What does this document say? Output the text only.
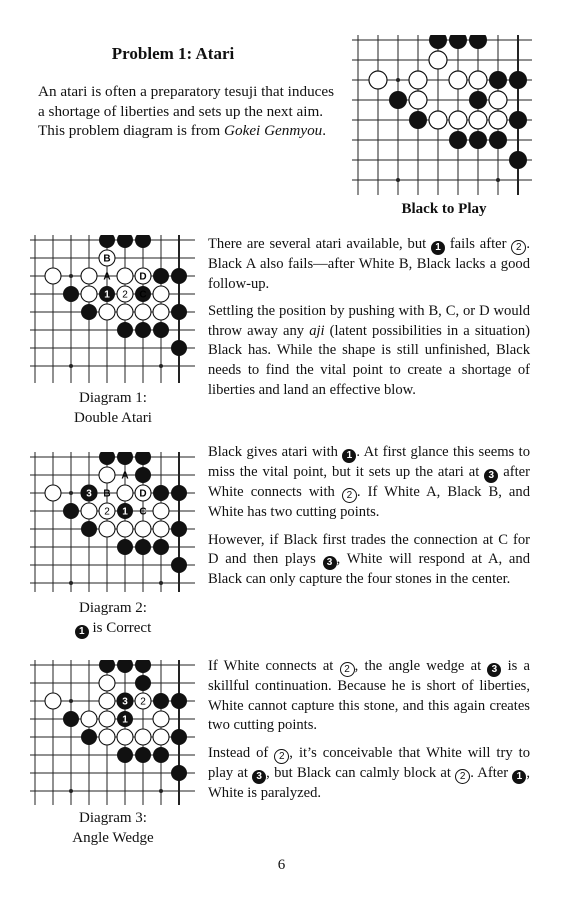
Problem 1: Atari
An atari is often a preparatory tesuji that induces a shortage of liberties and sets up the next aim. This problem diagram is from Gokei Genmyou.
Black to Play
B
A	D
C
1 2
Diagram 1:
Double Atari

There are several atari available, but 1 fails after 2 . Black A also fails—after White B, Black lacks a good follow-up.

Settling the position by pushing with B, C, or D would throw away any aji (latent possibilities in a situation) Black has. While the shape is still unfinished, Black needs to find the vital point to create a shortage of liberties and land an effective blow.

A
3 B	D
2 1 C
Diagram 2:
1 is Correct

Black gives atari with 1 . At first glance this seems to miss the vital point, but it sets up the atari at 3 after White connects with 2 . If White A, Black B, and White has two cutting points.

However, if Black first trades the connection at C for D and then plays 3 , White will respond at A, and Black can only capture the four stones in the center.

3 2
1
Diagram 3:
Angle Wedge

If White connects at 2 , the angle wedge at 3 is a skillful continuation. Because he is short of liberties, White cannot capture this stone, and this again creates two cutting points.

Instead of 2 , it’s conceivable that White will try to play at 3 , but Black can calmly block at 2 . After 1 , White is paralyzed.

6
